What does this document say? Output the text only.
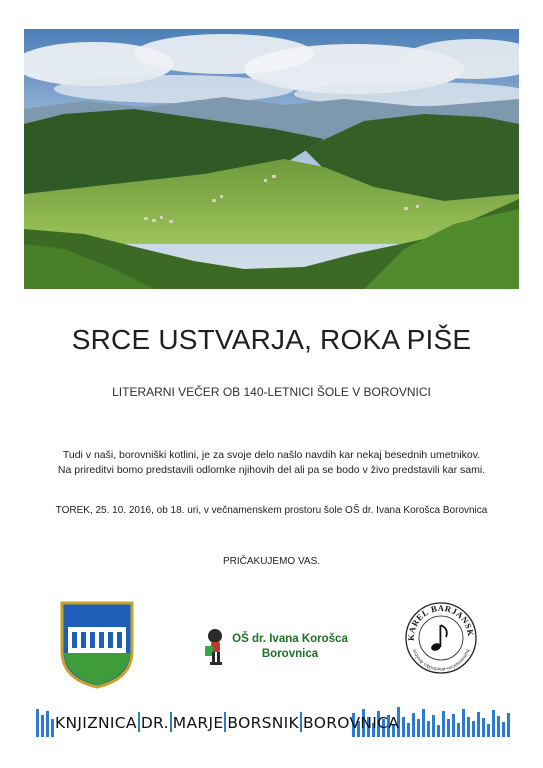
SRCE USTVARJA, ROKA PIŠE
LITERARNI VEČER OB 140-LETNICI ŠOLE V BOROVNICI
Tudi v naši, borovniški kotlini, je za svoje delo našlo navdih kar nekaj besednih umetnikov.
Na prireditvi bomo predstavili odlomke njihovih del ali pa se bodo v živo predstavili kar sami.
TOREK, 25. 10. 2016, ob 18. uri, v večnamenskem prostoru šole OŠ dr. Ivana Korošca Borovnica
PRIČAKUJEMO VAS.
OŠ dr. Ivana Korošca
Borovnica
KAREL BARJANSK
humanistično-umetniško društvo
KNJIZNICA DR. MARJE BORSNIK BOROVNICA
